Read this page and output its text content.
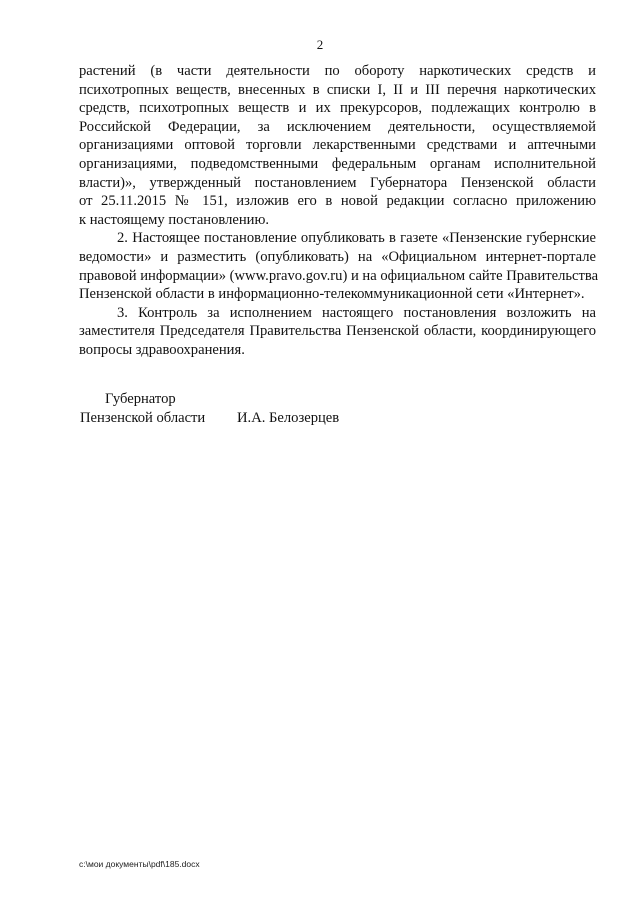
2
растений (в части деятельности по обороту наркотических средств и
психотропных веществ, внесенных в списки I, II и III перечня наркотических
средств, психотропных веществ и их прекурсоров, подлежащих контролю в
Российской Федерации, за исключением деятельности, осуществляемой
организациями оптовой торговли лекарственными средствами и аптечными
организациями, подведомственными федеральным органам исполнительной
власти)», утвержденный постановлением Губернатора Пензенской области
от 25.11.2015 № 151, изложив его в новой редакции согласно приложению
к настоящему постановлению.
2. Настоящее постановление опубликовать в газете «Пензенские губернские
ведомости» и разместить (опубликовать) на «Официальном интернет-портале
правовой информации» (www.pravo.gov.ru) и на официальном сайте Правительства
Пензенской области в информационно-телекоммуникационной сети «Интернет».
3. Контроль за исполнением настоящего постановления возложить на
заместителя Председателя Правительства Пензенской области, координирующего
вопросы здравоохранения.
Губернатор
Пензенской области И.А. Белозерцев
c:\мои документы\pdf\185.docx
